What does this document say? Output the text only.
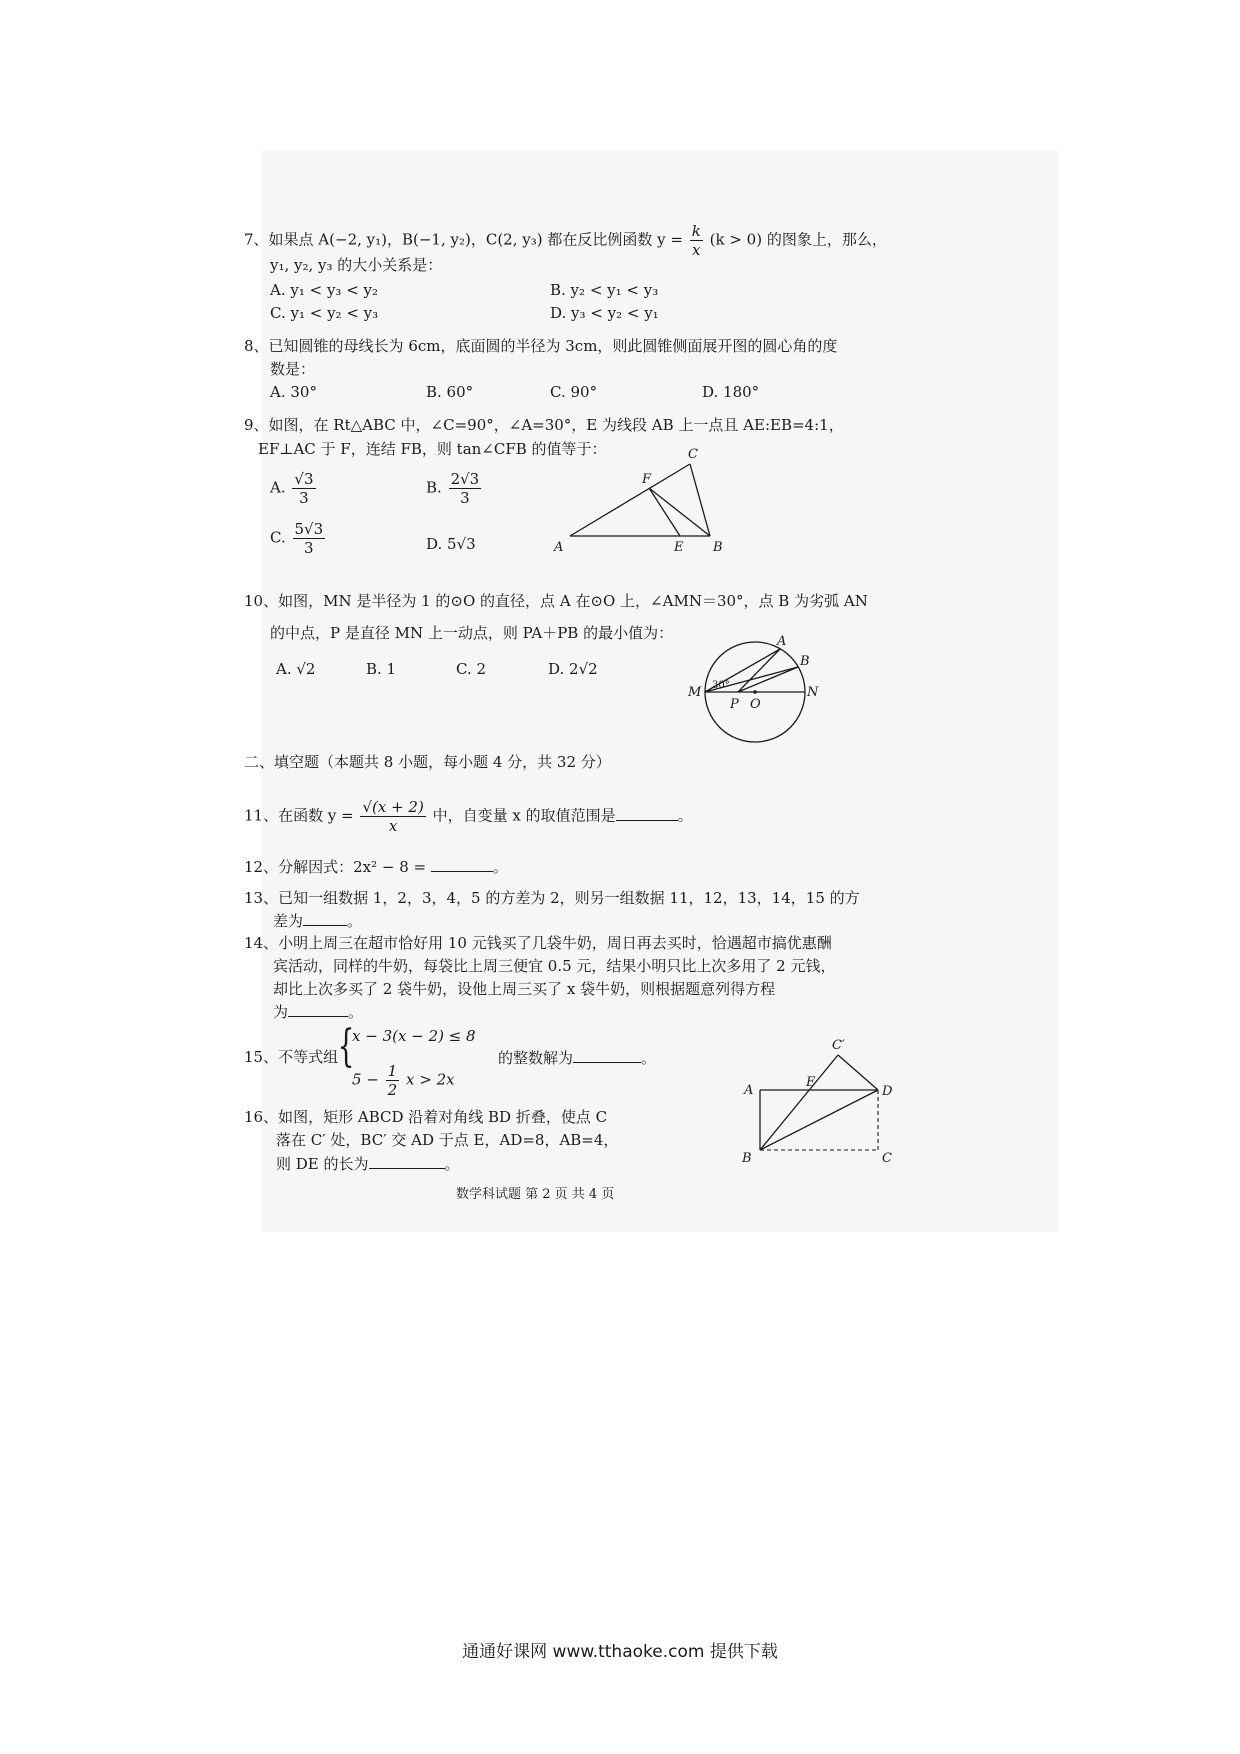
7、如果点 A(−2, y₁)，B(−1, y₂)，C(2, y₃) 都在反比例函数 $y = \frac{k}{x} (k > 0)$ 的图象上，那么，
y₁, y₂, y₃ 的大小关系是：
A. y₁ < y₃ < y₂	B. y₂ < y₁ < y₃
C. y₁ < y₂ < y₃	D. y₃ < y₂ < y₁
8、已知圆锥的母线长为 6cm，底面圆的半径为 3cm，则此圆锥侧面展开图的圆心角的度
数是：
A. 30°	B. 60°	C. 90°	D. 180°
9、如图，在 Rt△ABC 中，∠C=90°，∠A=30°，E 为线段 AB 上一点且 AE:EB=4:1，
EF⊥AC 于 F，连结 FB，则 tan∠CFB 的值等于：
A. $\frac{√3}{3}$	B. $\frac{2√3}{3}$
C. $\frac{5√3}{3}$	D. 5√3	A	B
C
E
F
10、如图，MN 是半径为 1 的⊙O 的直径，点 A 在⊙O 上，∠AMN＝30°，点 B 为劣弧 AN
的中点，P 是直径 MN 上一动点，则 PA＋PB 的最小值为：
A. √2	B. 1	C. 2	D. 2√2
M	N
A
B
P O
30°
二、填空题（本题共 8 小题，每小题 4 分，共 32 分）
11、在函数 $y = \frac{√(x + 2)}{x}$ 中，自变量 x 的取值范围是	。
12、分解因式：2x² − 8 =	。
13、已知一组数据 1，2，3，4，5 的方差为 2，则另一组数据 11，12，13，14，15 的方
差为	。
14、小明上周三在超市恰好用 10 元钱买了几袋牛奶，周日再去买时，恰遇超市搞优惠酬
宾活动，同样的牛奶，每袋比上周三便宜 0.5 元，结果小明只比上次多用了 2 元钱，
却比上次多买了 2 袋牛奶，设他上周三买了 x 袋牛奶，则根据题意列得方程
为	。
15、不等式组 {
x − 3(x − 2) ≤ 8
$5 - \frac{1}{2}$ x > 2x
的整数解为	。
A
B	C
C′
D
E
16、如图，矩形 ABCD 沿着对角线 BD 折叠，使点 C
落在 C′ 处，BC′ 交 AD 于点 E，AD=8，AB=4，
则 DE 的长为	。
数学科试题 第 2 页 共 4 页
通通好课网 www.tthaoke.com 提供下载
